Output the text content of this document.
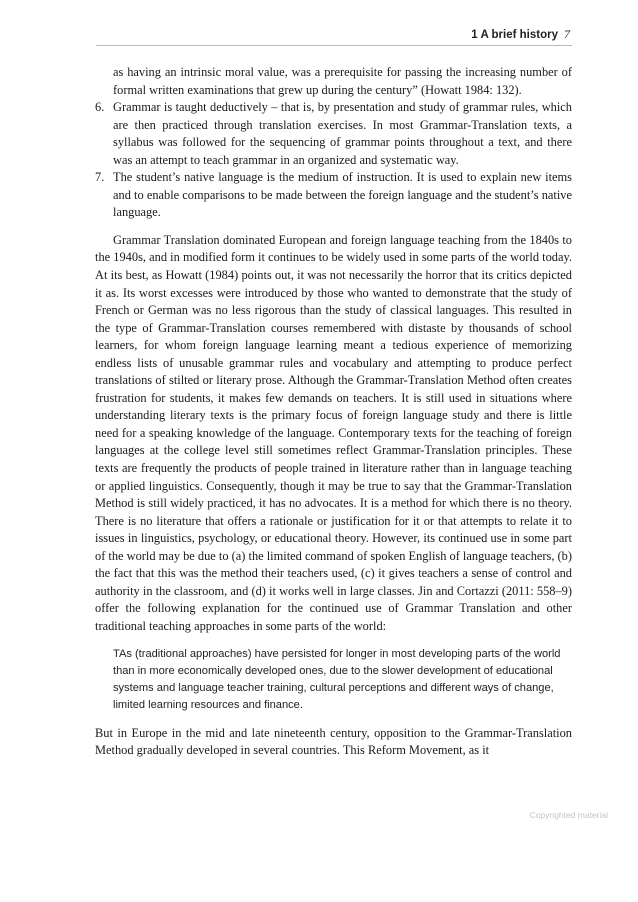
1 A brief history 7

as having an intrinsic moral value, was a prerequisite for passing the increasing number of formal written examinations that grew up during the century” (Howatt 1984: 132).

6. Grammar is taught deductively – that is, by presentation and study of grammar rules, which are then practiced through translation exercises. In most Grammar-Translation texts, a syllabus was followed for the sequencing of grammar points throughout a text, and there was an attempt to teach grammar in an organized and systematic way.
7. The student’s native language is the medium of instruction. It is used to explain new items and to enable comparisons to be made between the foreign language and the student’s native language.

Grammar Translation dominated European and foreign language teaching from the 1840s to the 1940s, and in modified form it continues to be widely used in some parts of the world today. At its best, as Howatt (1984) points out, it was not necessarily the horror that its critics depicted it as. Its worst excesses were introduced by those who wanted to demonstrate that the study of French or German was no less rigorous than the study of classical languages. This resulted in the type of Grammar-Translation courses remembered with distaste by thousands of school learners, for whom foreign language learning meant a tedious experience of memorizing endless lists of unusable grammar rules and vocabulary and attempting to produce perfect translations of stilted or literary prose. Although the Grammar-Translation Method often creates frustration for students, it makes few demands on teachers. It is still used in situations where understanding literary texts is the primary focus of foreign language study and there is little need for a speaking knowledge of the language. Contemporary texts for the teaching of foreign languages at the college level still sometimes reflect Grammar-Translation principles. These texts are frequently the products of people trained in literature rather than in language teaching or applied linguistics. Consequently, though it may be true to say that the Grammar-Translation Method is still widely practiced, it has no advocates. It is a method for which there is no theory. There is no literature that offers a rationale or justification for it or that attempts to relate it to issues in linguistics, psychology, or educational theory. However, its continued use in some part of the world may be due to (a) the limited command of spoken English of language teachers, (b) the fact that this was the method their teachers used, (c) it gives teachers a sense of control and authority in the classroom, and (d) it works well in large classes. Jin and Cortazzi (2011: 558–9) offer the following explanation for the continued use of Grammar Translation and other traditional teaching approaches in some parts of the world:

TAs (traditional approaches) have persisted for longer in most developing parts of the world than in more economically developed ones, due to the slower development of educational systems and language teacher training, cultural perceptions and different ways of change, limited learning resources and finance.

But in Europe in the mid and late nineteenth century, opposition to the Grammar-Translation Method gradually developed in several countries. This Reform Movement, as it

Copyrighted material
